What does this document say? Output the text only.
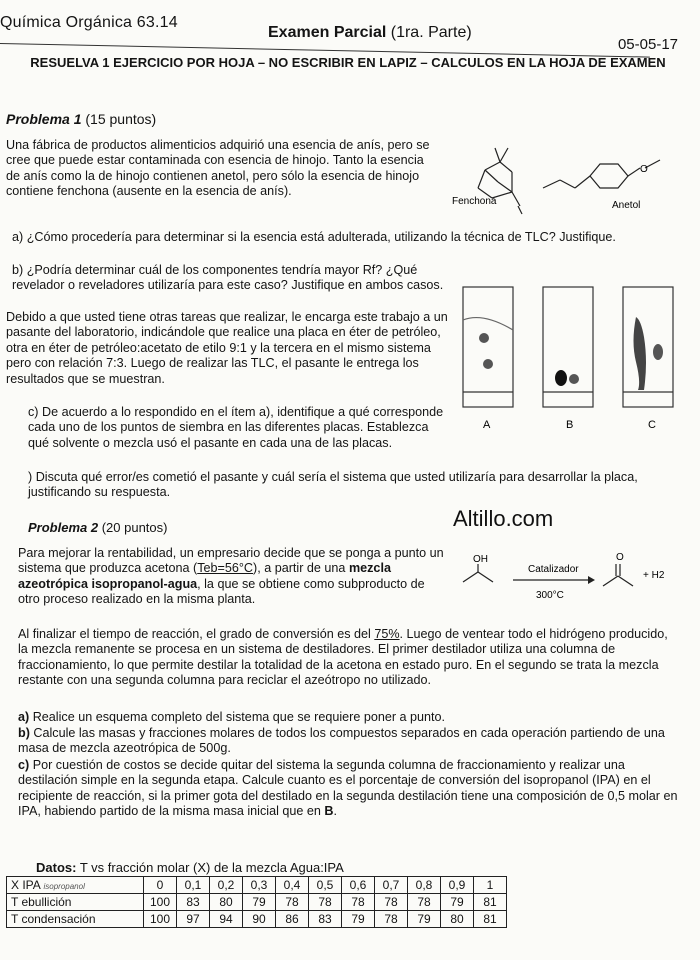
Química Orgánica 63.14
Examen Parcial (1ra. Parte)
05-05-17
RESUELVA 1 EJERCICIO POR HOJA – NO ESCRIBIR EN LAPIZ – CALCULOS EN LA HOJA DE EXAMEN
Problema 1 (15 puntos)
Una fábrica de productos alimenticios adquirió una esencia de anís, pero se cree que puede estar contaminada con esencia de hinojo. Tanto la esencia de anís como la de hinojo contienen anetol, pero sólo la esencia de hinojo contiene fenchona (ausente en la esencia de anís).
Fenchona
O
Anetol
a) ¿Cómo procedería para determinar si la esencia está adulterada, utilizando la técnica de TLC? Justifique.
b) ¿Podría determinar cuál de los componentes tendría mayor Rf? ¿Qué revelador o reveladores utilizaría para este caso? Justifique en ambos casos.
Debido a que usted tiene otras tareas que realizar, le encarga este trabajo a un pasante del laboratorio, indicándole que realice una placa en éter de petróleo, otra en éter de petróleo:acetato de etilo 9:1 y la tercera en el mismo sistema pero con relación 7:3. Luego de realizar las TLC, el pasante le entrega los resultados que se muestran.
A	B	C
c) De acuerdo a lo respondido en el ítem a), identifique a qué corresponde cada uno de los puntos de siembra en las diferentes placas. Establezca qué solvente o mezcla usó el pasante en cada una de las placas.
) Discuta qué error/es cometió el pasante y cuál sería el sistema que usted utilizaría para desarrollar la placa, justificando su respuesta.
Altillo.com
Problema 2 (20 puntos)
Para mejorar la rentabilidad, un empresario decide que se ponga a punto un sistema que produzca acetona (Teb=56°C), a partir de una mezcla azeotrópica isopropanol-agua, la que se obtiene como subproducto de otro proceso realizado en la misma planta.
OH
Catalizador
300°C
O
+ H2
Al finalizar el tiempo de reacción, el grado de conversión es del 75%. Luego de ventear todo el hidrógeno producido, la mezcla remanente se procesa en un sistema de destiladores. El primer destilador utiliza una columna de fraccionamiento, lo que permite destilar la totalidad de la acetona en estado puro. En el segundo se trata la mezcla restante con una segunda columna para reciclar el azeótropo no utilizado.
a) Realice un esquema completo del sistema que se requiere poner a punto.
b) Calcule las masas y fracciones molares de todos los compuestos separados en cada operación partiendo de una masa de mezcla azeotrópica de 500g.
c) Por cuestión de costos se decide quitar del sistema la segunda columna de fraccionamiento y realizar una destilación simple en la segunda etapa. Calcule cuanto es el porcentaje de conversión del isopropanol (IPA) en el recipiente de reacción, si la primer gota del destilado en la segunda destilación tiene una composición de 0,5 molar en IPA, habiendo partido de la misma masa inicial que en B.
Datos: T vs fracción molar (X) de la mezcla Agua:IPA
X IPA isopropanol	0	0,1	0,2	0,3	0,4	0,5	0,6	0,7	0,8	0,9	1
T ebullición	100	83	80	79	78	78	78	78	78	79	81
T condensación	100	97	94	90	86	83	79	78	79	80	81
